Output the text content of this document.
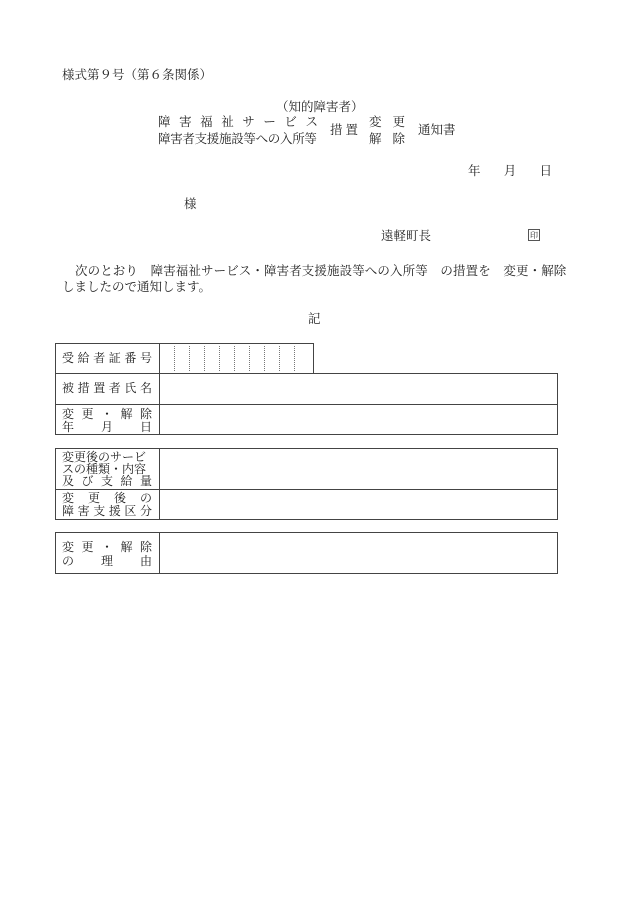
様式第９号（第６条関係）
（知的障害者）
障 害 福 祉 サ ー ビ ス
障害者支援施設等への入所等
措置
変 更
解 除
通知書
年 月 日
様
遠軽町長	印
次のとおり　障害福祉サービス・障害者支援施設等への入所等　の措置を　変更・解除
しましたので通知します。
記
受 給 者 証 番 号
被 措 置 者 氏 名
変 更 ・ 解 除
年 月 日
変更後のサービ
スの種類・内容
及 び 支 給 量
変 更 後 の
障 害 支 援 区 分
変 更 ・ 解 除
の 理 由
